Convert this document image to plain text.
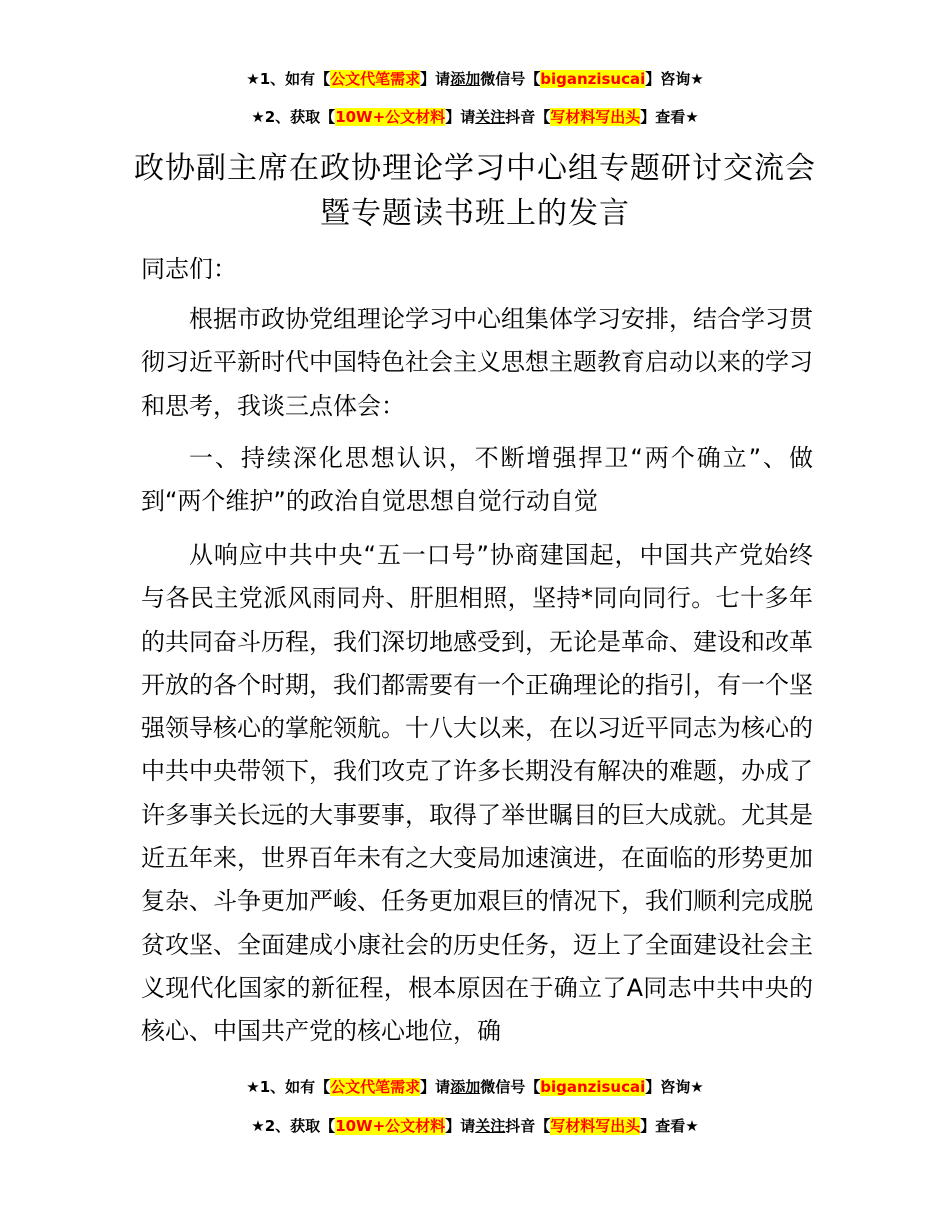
★1、如有【公文代笔需求】请添加微信号【biganzisucai】咨询★
★2、获取【10W+公文材料】请关注抖音【写材料写出头】查看★
政协副主席在政协理论学习中心组专题研讨交流会暨专题读书班上的发言

同志们：

根据市政协党组理论学习中心组集体学习安排，结合学习贯彻习近平新时代中国特色社会主义思想主题教育启动以来的学习和思考，我谈三点体会：

一、持续深化思想认识，不断增强捍卫“两个确立”、做到“两个维护”的政治自觉思想自觉行动自觉

从响应中共中央“五一口号”协商建国起，中国共产党始终与各民主党派风雨同舟、肝胆相照，坚持*同向同行。七十多年的共同奋斗历程，我们深切地感受到，无论是革命、建设和改革开放的各个时期，我们都需要有一个正确理论的指引，有一个坚强领导核心的掌舵领航。十八大以来，在以习近平同志为核心的中共中央带领下，我们攻克了许多长期没有解决的难题，办成了许多事关长远的大事要事，取得了举世瞩目的巨大成就。尤其是近五年来，世界百年未有之大变局加速演进，在面临的形势更加复杂、斗争更加严峻、任务更加艰巨的情况下，我们顺利完成脱贫攻坚、全面建成小康社会的历史任务，迈上了全面建设社会主义现代化国家的新征程，根本原因在于确立了A同志中共中央的核心、中国共产党的核心地位，确

★1、如有【公文代笔需求】请添加微信号【biganzisucai】咨询★
★2、获取【10W+公文材料】请关注抖音【写材料写出头】查看★
